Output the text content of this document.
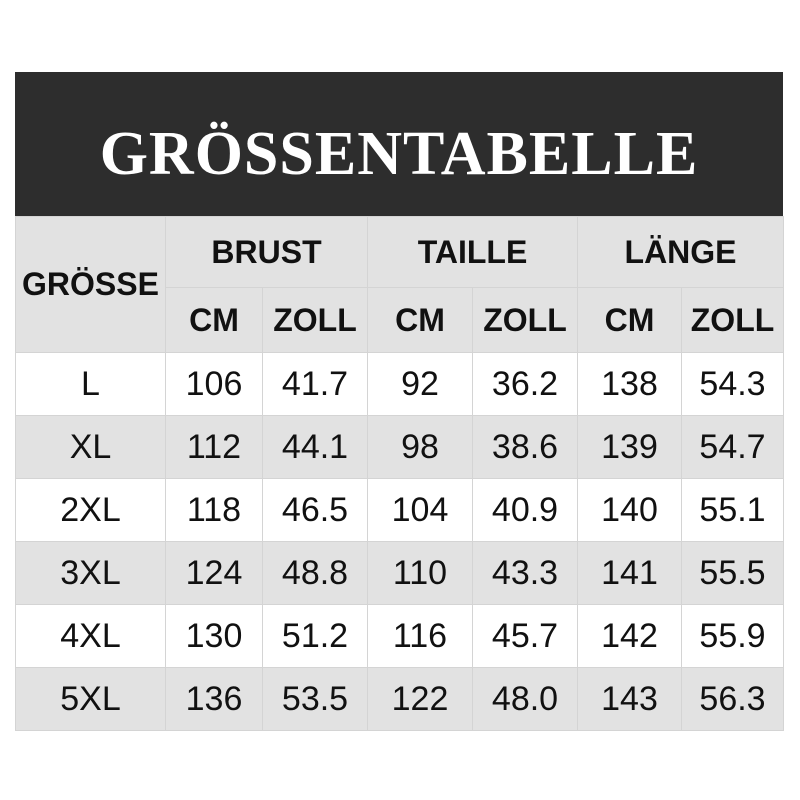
GRÖSSENTABELLE
GRÖSSE	BRUST		TAILLE		LÄNGE	
	CM	ZOLL	CM	ZOLL	CM	ZOLL
L	106	41.7	92	36.2	138	54.3
XL	112	44.1	98	38.6	139	54.7
2XL	118	46.5	104	40.9	140	55.1
3XL	124	48.8	110	43.3	141	55.5
4XL	130	51.2	116	45.7	142	55.9
5XL	136	53.5	122	48.0	143	56.3
